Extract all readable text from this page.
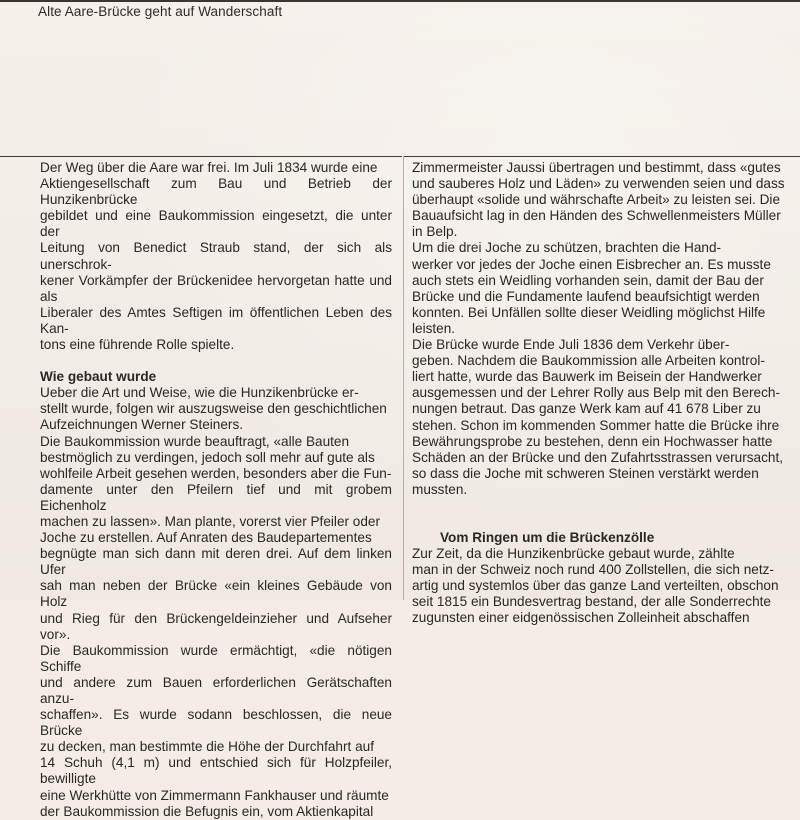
Alte Aare-Brücke geht auf Wanderschaft

Der Weg über die Aare war frei. Im Juli 1834 wurde eine

Aktiengesellschaft zum Bau und Betrieb der Hunzikenbrücke

gebildet und eine Baukommission eingesetzt, die unter der

Leitung von Benedict Straub stand, der sich als unerschrok-

kener Vorkämpfer der Brückenidee hervorgetan hatte und als

Liberaler des Amtes Seftigen im öffentlichen Leben des Kan-

tons eine führende Rolle spielte.

Wie gebaut wurde

Ueber die Art und Weise, wie die Hunzikenbrücke er-

stellt wurde, folgen wir auszugsweise den geschichtlichen

Aufzeichnungen Werner Steiners.

Die Baukommission wurde beauftragt, «alle Bauten

bestmöglich zu verdingen, jedoch soll mehr auf gute als

wohlfeile Arbeit gesehen werden, besonders aber die Fun-

damente unter den Pfeilern tief und mit grobem Eichenholz

machen zu lassen». Man plante, vorerst vier Pfeiler oder

Joche zu erstellen. Auf Anraten des Baudepartementes

begnügte man sich dann mit deren drei. Auf dem linken Ufer

sah man neben der Brücke «ein kleines Gebäude von Holz

und Rieg für den Brückengeldeinzieher und Aufseher vor».

Die Baukommission wurde ermächtigt, «die nötigen Schiffe

und andere zum Bauen erforderlichen Gerätschaften anzu-

schaffen». Es wurde sodann beschlossen, die neue Brücke

zu decken, man bestimmte die Höhe der Durchfahrt auf

14 Schuh (4,1 m) und entschied sich für Holzpfeiler, bewilligte

eine Werkhütte von Zimmermann Fankhauser und räumte

der Baukommission die Befugnis ein, vom Aktienkapital

Zimmermeister Jaussi übertragen und bestimmt, dass «gutes

und sauberes Holz und Läden» zu verwenden seien und dass

überhaupt «solide und währschafte Arbeit» zu leisten sei. Die

Bauaufsicht lag in den Händen des Schwellenmeisters Müller

in Belp.

Um die drei Joche zu schützen, brachten die Hand-

werker vor jedes der Joche einen Eisbrecher an. Es musste

auch stets ein Weidling vorhanden sein, damit der Bau der

Brücke und die Fundamente laufend beaufsichtigt werden

konnten. Bei Unfällen sollte dieser Weidling möglichst Hilfe

leisten.

Die Brücke wurde Ende Juli 1836 dem Verkehr über-

geben. Nachdem die Baukommission alle Arbeiten kontrol-

liert hatte, wurde das Bauwerk im Beisein der Handwerker

ausgemessen und der Lehrer Rolly aus Belp mit den Berech-

nungen betraut. Das ganze Werk kam auf 41 678 Liber zu

stehen. Schon im kommenden Sommer hatte die Brücke ihre

Bewährungsprobe zu bestehen, denn ein Hochwasser hatte

Schäden an der Brücke und den Zufahrtsstrassen verursacht,

so dass die Joche mit schweren Steinen verstärkt werden

mussten.

Vom Ringen um die Brückenzölle

Zur Zeit, da die Hunzikenbrücke gebaut wurde, zählte

man in der Schweiz noch rund 400 Zollstellen, die sich netz-

artig und systemlos über das ganze Land verteilten, obschon

seit 1815 ein Bundesvertrag bestand, der alle Sonderrechte

zugunsten einer eidgenössischen Zolleinheit abschaffen
